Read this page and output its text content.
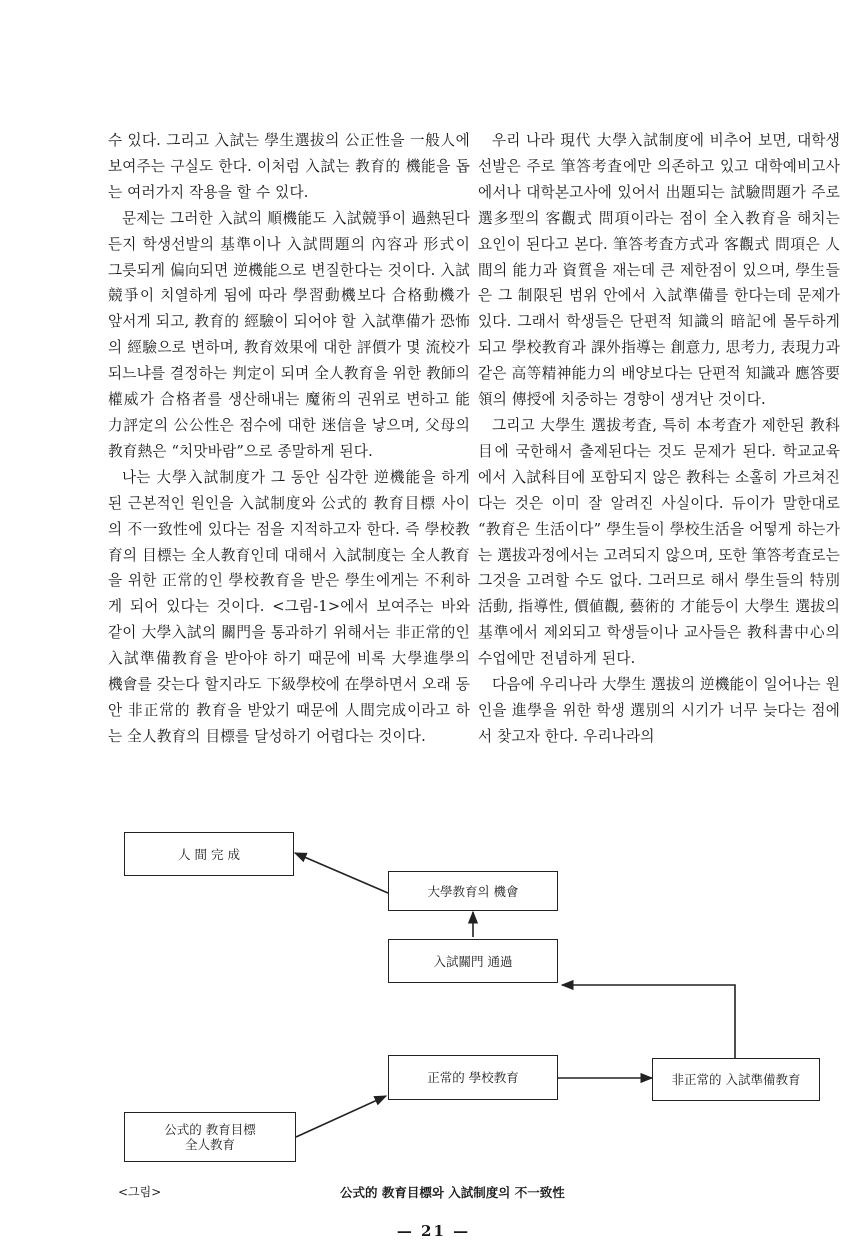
수 있다. 그리고 入試는 學生選拔의 公正性을 一般人에 보여주는 구실도 한다. 이처럼 入試는 教育的 機能을 돕는 여러가지 작용을 할 수 있다.

문제는 그러한 入試의 順機能도 入試競爭이 過熱된다든지 학생선발의 基準이나 入試問題의 內容과 形式이 그릇되게 偏向되면 逆機能으로 변질한다는 것이다. 入試競爭이 치열하게 됨에 따라 學習動機보다 合格動機가 앞서게 되고, 教育的 經驗이 되어야 할 入試準備가 恐怖의 經驗으로 변하며, 教育效果에 대한 評價가 몇 流校가 되느냐를 결정하는 判定이 되며 全人教育을 위한 教師의 權威가 合格者를 생산해내는 魔術의 권위로 변하고 能力評定의 公公性은 점수에 대한 迷信을 낳으며, 父母의 教育熱은 “치맛바람”으로 종말하게 된다.

나는 大學入試制度가 그 동안 심각한 逆機能을 하게된 근본적인 원인을 入試制度와 公式的 教育目標 사이의 不一致性에 있다는 점을 지적하고자 한다. 즉 學校教育의 目標는 全人教育인데 대해서 入試制度는 全人教育을 위한 正常的인 學校教育을 받은 學生에게는 不利하게 되어 있다는 것이다. <그림-1>에서 보여주는 바와 같이 大學入試의 關門을 통과하기 위해서는 非正常的인 入試準備教育을 받아야 하기 때문에 비록 大學進學의 機會를 갖는다 할지라도 下級學校에 在學하면서 오래 동안 非正常的 教育을 받았기 때문에 人間完成이라고 하는 全人教育의 目標를 달성하기 어렵다는 것이다.

우리 나라 現代 大學入試制度에 비추어 보면, 대학생 선발은 주로 筆答考査에만 의존하고 있고 대학예비고사에서나 대학본고사에 있어서 出題되는 試驗問題가 주로 選多型의 客觀式 問項이라는 점이 全入教育을 해치는 요인이 된다고 본다. 筆答考査方式과 客觀式 問項은 人間의 能力과 資質을 재는데 큰 제한점이 있으며, 學生들은 그 制限된 범위 안에서 入試準備를 한다는데 문제가 있다. 그래서 학생들은 단편적 知識의 暗記에 몰두하게 되고 學校教育과 課外指導는 創意力, 思考力, 表現力과 같은 高等精神能力의 배양보다는 단편적 知識과 應答要領의 傳授에 치중하는 경향이 생겨난 것이다.

그리고 大學生 選拔考査, 특히 本考査가 제한된 教科目에 국한해서 출제된다는 것도 문제가 된다. 학교교육에서 入試科目에 포함되지 않은 教科는 소홀히 가르쳐진다는 것은 이미 잘 알려진 사실이다. 듀이가 말한대로 “教育은 生活이다” 學生들이 學校生活을 어떻게 하는가는 選拔과정에서는 고려되지 않으며, 또한 筆答考査로는 그것을 고려할 수도 없다. 그러므로 해서 學生들의 特別活動, 指導性, 價値觀, 藝術的 才能등이 大學生 選拔의 基準에서 제외되고 학생들이나 교사들은 教科書中心의 수업에만 전념하게 된다.

다음에 우리나라 大學生 選拔의 逆機能이 일어나는 원인을 進學을 위한 학생 選別의 시기가 너무 늦다는 점에서 찾고자 한다. 우리나라의

人 間 完 成
大學教育의 機會
入試關門 通過
正常的 學校教育	非正常的 入試準備教育
公式的 教育目標
全人教育
<그림>	公式的 教育目標와 入試制度의 不一致性
— 21 —
